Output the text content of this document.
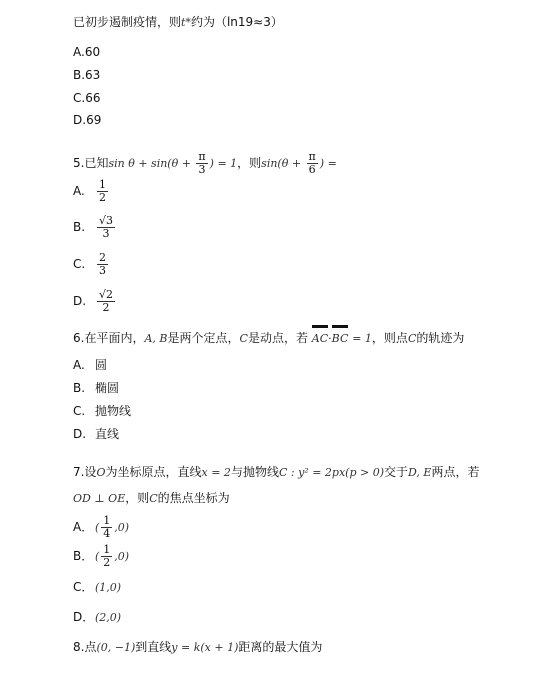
已初步遏制疫情，则t*约为（ln19≈3）
A.60
B.63
C.66
D.69
5.已知$\sin \theta + \sin(\theta + \frac{\pi}{3}$ ) = 1，则$\sin(\theta + \frac{\pi}{6}$ ) =
A. $\frac{1}{2}$
B. $\frac{√3}{3}$
C. $\frac{2}{3}$
D. $\frac{√2}{2}$
6.在平面内，A, B是两个定点，C是动点，若 AC·
BC = 1，则点C的轨迹为
A. 圆
B. 椭圆
C. 抛物线
D. 直线
7.设O为坐标原点，直线x = 2与抛物线C : y² = 2px(p > 0)交于D, E两点，若
OD ⊥ OE，则C的焦点坐标为
A． ( $\frac{1}{4} ,0$)
B． ( $\frac{1}{2} ,0$)
C． (1,0)
D．(2,0)
8.点(0, −1)到直线y = k(x + 1)距离的最大值为
